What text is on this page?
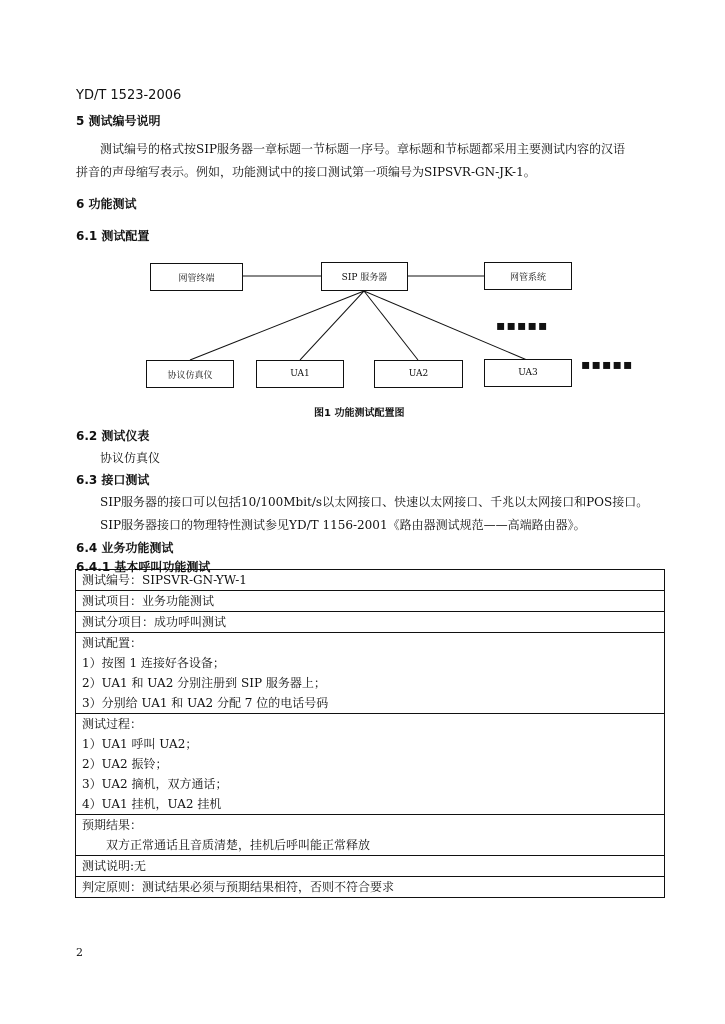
YD/T 1523-2006
5 测试编号说明
测试编号的格式按SIP服务器一章标题一节标题一序号。章标题和节标题都采用主要测试内容的汉语
拼音的声母缩写表示。例如，功能测试中的接口测试第一项编号为SIPSVR-GN-JK-1。
6 功能测试
6.1 测试配置
网管终端	SIP 服务器	网管系统
▪▪▪▪▪
协议仿真仪	UA1	UA2	UA3	▪▪▪▪▪
图1 功能测试配置图
6.2 测试仪表
协议仿真仪
6.3 接口测试
SIP服务器的接口可以包括10/100Mbit/s以太网接口、快速以太网接口、千兆以太网接口和POS接口。
SIP服务器接口的物理特性测试参见YD/T 1156-2001《路由器测试规范——高端路由器》。
6.4 业务功能测试
6.4.1 基本呼叫功能测试
测试编号：SIPSVR-GN-YW-1
测试项目：业务功能测试
测试分项目：成功呼叫测试

测试配置：
1）按图 1 连接好各设备；
2）UA1 和 UA2 分别注册到 SIP 服务器上；
3）分别给 UA1 和 UA2 分配 7 位的电话号码

测试过程：
1）UA1 呼叫 UA2；
2）UA2 振铃；
3）UA2 摘机，双方通话；
4）UA1 挂机，UA2 挂机

预期结果：
双方正常通话且音质清楚，挂机后呼叫能正常释放

测试说明:无
判定原则：测试结果必须与预期结果相符，否则不符合要求
2
